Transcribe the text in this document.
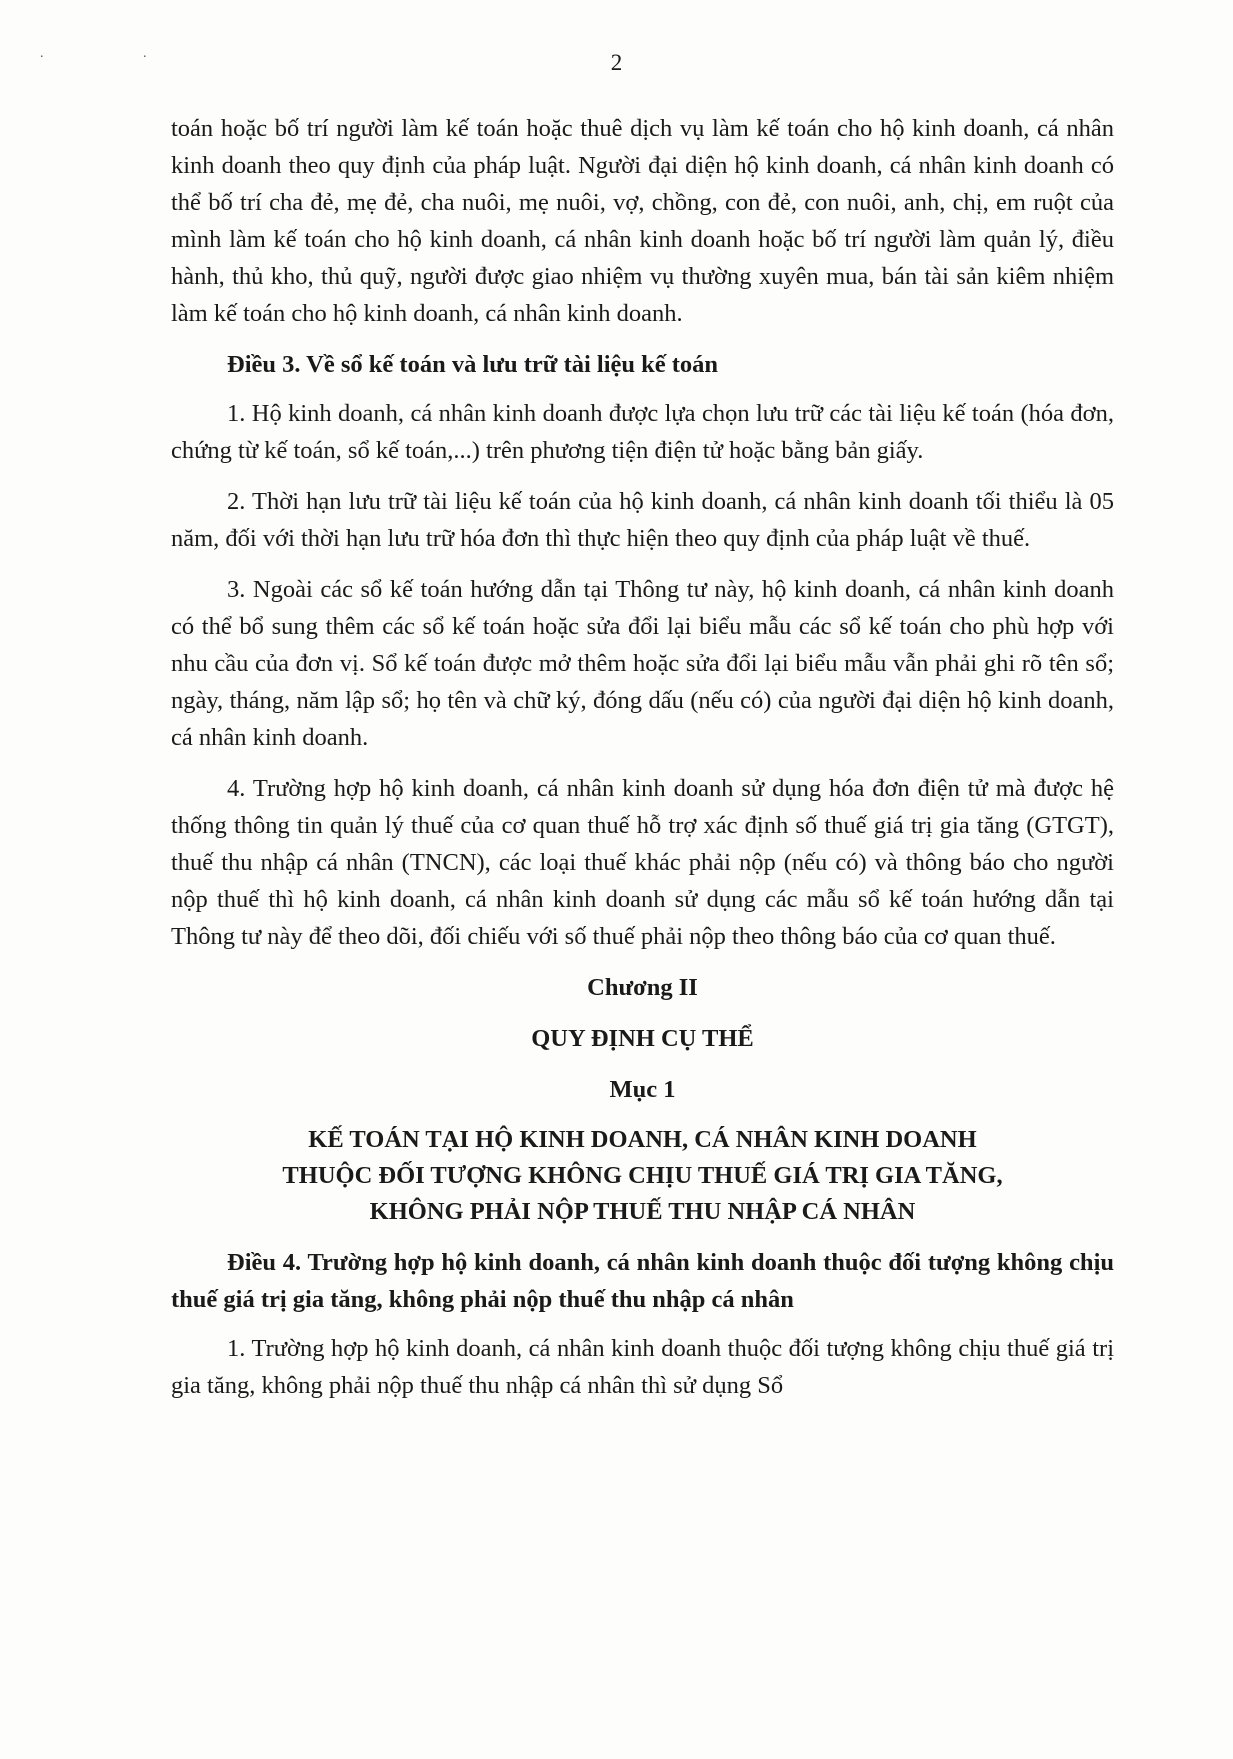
. .	2

toán hoặc bố trí người làm kế toán hoặc thuê dịch vụ làm kế toán cho hộ kinh doanh, cá nhân kinh doanh theo quy định của pháp luật. Người đại diện hộ kinh doanh, cá nhân kinh doanh có thể bố trí cha đẻ, mẹ đẻ, cha nuôi, mẹ nuôi, vợ, chồng, con đẻ, con nuôi, anh, chị, em ruột của mình làm kế toán cho hộ kinh doanh, cá nhân kinh doanh hoặc bố trí người làm quản lý, điều hành, thủ kho, thủ quỹ, người được giao nhiệm vụ thường xuyên mua, bán tài sản kiêm nhiệm làm kế toán cho hộ kinh doanh, cá nhân kinh doanh.

Điều 3. Về sổ kế toán và lưu trữ tài liệu kế toán

1. Hộ kinh doanh, cá nhân kinh doanh được lựa chọn lưu trữ các tài liệu kế toán (hóa đơn, chứng từ kế toán, sổ kế toán,...) trên phương tiện điện tử hoặc bằng bản giấy.

2. Thời hạn lưu trữ tài liệu kế toán của hộ kinh doanh, cá nhân kinh doanh tối thiểu là 05 năm, đối với thời hạn lưu trữ hóa đơn thì thực hiện theo quy định của pháp luật về thuế.

3. Ngoài các sổ kế toán hướng dẫn tại Thông tư này, hộ kinh doanh, cá nhân kinh doanh có thể bổ sung thêm các sổ kế toán hoặc sửa đổi lại biểu mẫu các sổ kế toán cho phù hợp với nhu cầu của đơn vị. Sổ kế toán được mở thêm hoặc sửa đổi lại biểu mẫu vẫn phải ghi rõ tên sổ; ngày, tháng, năm lập sổ; họ tên và chữ ký, đóng dấu (nếu có) của người đại diện hộ kinh doanh, cá nhân kinh doanh.

4. Trường hợp hộ kinh doanh, cá nhân kinh doanh sử dụng hóa đơn điện tử mà được hệ thống thông tin quản lý thuế của cơ quan thuế hỗ trợ xác định số thuế giá trị gia tăng (GTGT), thuế thu nhập cá nhân (TNCN), các loại thuế khác phải nộp (nếu có) và thông báo cho người nộp thuế thì hộ kinh doanh, cá nhân kinh doanh sử dụng các mẫu sổ kế toán hướng dẫn tại Thông tư này để theo dõi, đối chiếu với số thuế phải nộp theo thông báo của cơ quan thuế.

Chương II
QUY ĐỊNH CỤ THỂ
Mục 1
KẾ TOÁN TẠI HỘ KINH DOANH, CÁ NHÂN KINH DOANH
THUỘC ĐỐI TƯỢNG KHÔNG CHỊU THUẾ GIÁ TRỊ GIA TĂNG,
KHÔNG PHẢI NỘP THUẾ THU NHẬP CÁ NHÂN

Điều 4. Trường hợp hộ kinh doanh, cá nhân kinh doanh thuộc đối tượng không chịu thuế giá trị gia tăng, không phải nộp thuế thu nhập cá nhân

1. Trường hợp hộ kinh doanh, cá nhân kinh doanh thuộc đối tượng không chịu thuế giá trị gia tăng, không phải nộp thuế thu nhập cá nhân thì sử dụng Sổ
